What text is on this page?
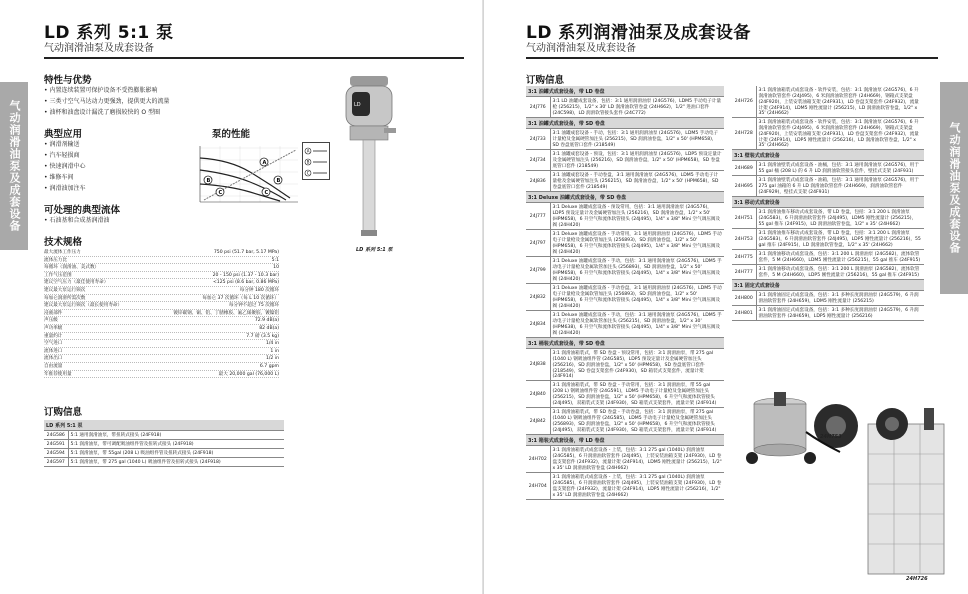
气动润滑油泵及成套设备
LD 系列 5:1 泵
气动润滑油泵及成套设备
特性与优势
• 内置连续装置可保护设备不受热膨胀影响
• 三类寸空气马达动力更强劲，提供更大的流量
• 油杯和油盘设计漏洗了磨损较快的 O 型圈
典型应用
• 润滑剂输送
• 汽车轻损商
• 快速润滑中心
• 维修车间
• 润滑油加注车
泵的性能
A
B
C
B
C
A
B
C
LD
LD 系列 5:1 泵
可处理的典型流体
• 石油基和合成基润滑油
技术规格
最大流体工作压力	750 psi (51.7 bar, 5.17 MPa)
流体压力比	5:1
每循环（润滑油、美式数）	10
工作气压范围	20 - 150 psi (1.37 - 10.3 bar)
建议空气压力（最佳使用寿命）	<125 psi (8.6 bar, 0.86 MPa)
建议最大泵运行频次	每分钟 180 次循环
每加仑润滑所需次数	每加仑 37 次循环（每 L 10 次循环）
建议最大泵运行频次（最长使用寿命）	每分钟不超过 75 次循环
浸液部件	镀锌碳钢、铜、铝、丁腈橡胶、氟乙烯聚胶、镀镍铝
声压级	72.9 dB(a)
声功率级	82 dB(a)
重量约计	7.7 磅 (3.5 kg)
空气进口	1/4 in
流体进口	1 in
流体出口	1/2 in
自由流量	6.7 gpm
年推荐使用量	最大 20,000 gal (76,000 L)
订购信息
LD 系列 5:1 泵
24G586	5:1 通用润滑油泵，带扭转式接头 (24F918)
24G591	5:1 润滑油泵，带可调配吸油组件管及扭转式接头 (24F918)
24G594	5:1 润滑油泵，带 55gal (208 L) 吸油组件管及扭转式接头 (24F918)
24G597	5:1 润滑油泵，带 275 gal (1040 L) 吸油组件管及扭转式接头 (24F918)
气动润滑油泵及成套设备
LD 系列润滑油泵及成套设备
气动润滑油泵及成套设备
订购信息
3:1 油罐式成套设备，带 LD 卷盘
24J776	3:1 LD 油罐成套设备，包括：3:1 通用润滑油泵 (24G576)，LDM5 手动电子计量枪 (256215)，1/2" x 30' LD 润滑油软管卷盘 (24H662)，1/2" 进油口套件 (24C598)，LD 润滑软管接头套件 (24C772)
3:1 油罐式成套设备，带 SD 卷盘
24J733	3:1 油罐成套设备 - 手动，包括：3:1 通用润滑油泵 (24G576)，LDM5 手动电子计量枪及金属硬管加注头 (256215)，SD 润滑油卷盘，1/2" x 50' (HPM658)，SD 卷盘底管口套件 (218549)
24J734	3:1 油罐成套设备 - 预设，包括：3:1 通用润滑油泵 (24G576)，LDP5 预设定量计及金属硬管加注头 (256216)，SD 润滑油卷盘，1/2" x 50' (HPM658)，SD 卷盘底管口套件 (218549)
24J836	3:1 油罐成套设备 - 手动卷盘，3:1 通用润滑油泵 (24G576)，LDM5 手动电子计量枪及金属硬管加注头 (256215)，SD 润滑油卷盘，1/2" x 50' (HPM658)，SD 卷盘底管口套件 (218549)
3:1 Deluxe 油罐式成套设备，带 SD 卷盘
24J777	3:1 Deluxe 油罐成套设备 - 预设常用，包括：3:1 通用润滑油泵 (24G576)，LDP5 预设定量计及金属硬管加注头 (256216)，SD 润滑油卷盘，1/2" x 50' (HPM658)，6 升空气和流体软管接头 (24J495)，1/4" x 3/8" Mini 空气调压阀及阀 (24H420)
24J797	3:1 Deluxe 油罐成套设备 - 手动常用，3:1 通用润滑油泵 (24G576)，LDM5 手动电子计量枪及金属软管加注头 (256893)，SD 润滑油卷盘，1/2" x 50' (HPM658)，6 升空气和流体软管接头 (24J495)，1/4" x 3/8" Mini 空气调压阀及阀 (24H420)
24J799	3:1 Deluxe 油罐成套设备 - 手动，包括：3:1 通用润滑油泵 (24G576)，LDM5 手动电子计量枪及金属软管加注头 (256893)，SD 润滑油卷盘，1/2" x 50' (HPM658)，6 升空气和流体软管接头 (24J495)，1/4" x 3/8" Mini 空气调压阀及阀 (24H420)
24J832	3:1 Deluxe 油罐成套设备 - 手动卷盘，3:1 通用润滑油泵 (24G576)，LDM5 手动电子计量枪及金属软管加注头 (256893)，SD 润滑油卷盘，1/2" x 50' (HPM658)，6 升空气和流体软管接头 (24J495)，1/4" x 3/8" Mini 空气调压阀及阀 (24H420)
24J834	3:1 Deluxe 油罐成套设备 - 手动，包括：3:1 通用润滑油泵 (24G576)，LDM5 手动电子计量枪及金属软管加注头 (256215)，SD 润滑油卷盘，1/2" x 30' (HPM638)，6 升空气和流体软管接头 (24J495)，1/4" x 3/8" Mini 空气调压阀及阀 (24H420)
3:1 桶装式成套设备，带 SD 卷盘
24J838	3:1 润滑油箱装式，带 SD 卷盘 - 预设常用，包括：3:1 润滑油泵，带 275 gal (1040 L) 钢吸油组件管 (24G585)，LDP5 预设定量计及金属硬管加注头 (256216)，SD 润滑油卷盘，1/2" x 50' (HPM658)，SD 卷盘底管口套件 (218549)，SD 卷盘支架套件 (24F930)，SD 箱装式支架套件，流量计架 (24F914)
24J840	3:1 润滑油箱装式，带 SD 卷盘 - 手动常用，包括：3:1 润滑油泵，带 55 gal (208 L) 钢吸油组件管 (24G591)，LDM5 手动电子计量枪及金属硬管加注头 (256215)，SD 润滑油卷盘，1/2" x 50' (HPM658)，6 升空气和流体软管接头 (24J495)，双箱装式支架 (24F930)，SD 箱装式支架套件，流量计架 (24F914)
24J842	3:1 润滑油箱装式，带 SD 卷盘 - 手动卷盘，包括：3:1 润滑油泵，带 275 gal (1040 L) 钢吸油组件管 (24G585)，LDM5 手动电子计量枪及金属硬管加注头 (256893)，SD 润滑油卷盘，1/2" x 50' (HPM658)，6 升空气和流体软管接头 (24J495)，双箱装式支架 (24F930)，SD 箱装式支架套件，流量计架 (24F914)
3:1 箱装式成套设备，带 LD 卷盘
24H702	3:1 润滑油箱装式成套设备 - 上装，包括：3:1 275 gal (1040L) 润滑油泵 (24G585)，6 升润滑油软管套件 (24J495)，上装安装油箱支架 (24F930)，LD 卷盘支架套件 (24F932)，流量计架 (24F914)，LDM5 刚性流量计 (256215)，1/2" x 35' LD 润滑油软管卷盘 (24H662)
24H704	3:1 润滑油箱装式成套设备 - 上装，包括：3:1 275 gal (1040L) 润滑油泵 (24G585)，6 升润滑油软管套件 (24J495)，上装安装油箱支架 (24F930)，LD 卷盘支架套件 (24F932)，流量计架 (24F914)，LDP5 刚性流量计 (256216)，1/2" x 35' LD 润滑油软管卷盘 (24H662)
24H726	3:1 润滑油箱装式成套设备 - 软件安装，包括：3:1 润滑油泵 (24G576)，6 升润滑油软管套件 (24J495)，6 米润滑油软管套件 (24H669)，钢箱式支架盘 (24F920)，上装安装油箱支架 (24F931)，LD 卷盘支架套件 (24F932)，流量计架 (24F914)，LDM5 刚性流量计 (256215)，LD 润滑油软管卷盘，1/2" x 35' (24H662)
24H728	3:1 润滑油箱装式成套设备 - 软件安装，包括：3:1 润滑油泵 (24G576)，6 升润滑油软管套件 (24J495)，6 米润滑油软管套件 (24H669)，钢箱式支架盘 (24F920)，上装安装油箱支架 (24F931)，LD 卷盘支架套件 (24F932)，流量计架 (24F914)，LDP5 刚性流量计 (256216)，LD 润滑油软管卷盘，1/2" x 35' (24H662)
3:1 壁装式成套设备
24H689	3:1 润滑油壁装式成套设备 - 油桶，包括：3:1 通用润滑油泵 (24G576)，用于 55 gal 桶 (208 L) 的 6 升 LD 润滑油软管接头套件，壁挂式支架 (24F931)
24H695	3:1 润滑油壁装式成套设备 - 油箱，包括：3:1 通用润滑油泵 (24G576)，用于 275 gal 油箱的 6 升 LD 润滑油软管套件 (24H669)，润滑油软管套件 (24F929)，壁挂式支架 (24F931)
3:1 移动式成套设备
24H751	3:1 润滑油推车移动式成套设备，带 LD 卷盘，包括：3:1 200 L 润滑油泵 (24G583)，6 升润滑油软管套件 (24J495)，LDM5 刚性流量计 (256215)，55 gal 推车 (24F915)，LD 润滑油软管卷盘，1/2" x 35' (24H662)
24H753	3:1 润滑油推车移动式成套设备，带 LD 卷盘，包括：3:1 200 L 润滑油泵 (24G583)，6 升润滑油软管套件 (24J495)，LDP5 刚性流量计 (256216)，55 gal 推车 (24F915)，LD 润滑油软管卷盘，1/2" x 35' (24H662)
24H775	3:1 润滑油移动式成套设备，包括：3:1 200 L 润滑油泵 (24G582)，流体软管套件，5 M (24H660)，LDM5 刚性流量计 (256215)，55 gal 推车 (24F915)
24H777	3:1 润滑油移动式成套设备，包括：3:1 200 L 润滑油泵 (24G582)，流体软管套件，5 M (24H660)，LDP5 刚性流量计 (256216)，55 gal 推车 (24F915)
3:1 固定式成套设备
24H800	3:1 润滑油固定式成套设备，包括：3:1 多种长度润滑油泵 (24G579)，6 升润滑油软管套件 (24H659)，LDM5 刚性流量计 (256215)
24H801	3:1 润滑油固定式成套设备，包括：3:1 多种长度润滑油泵 (24G579)，6 升润滑油软管套件 (24H659)，LDP5 刚性流量计 (256216)
24H753
24H726
